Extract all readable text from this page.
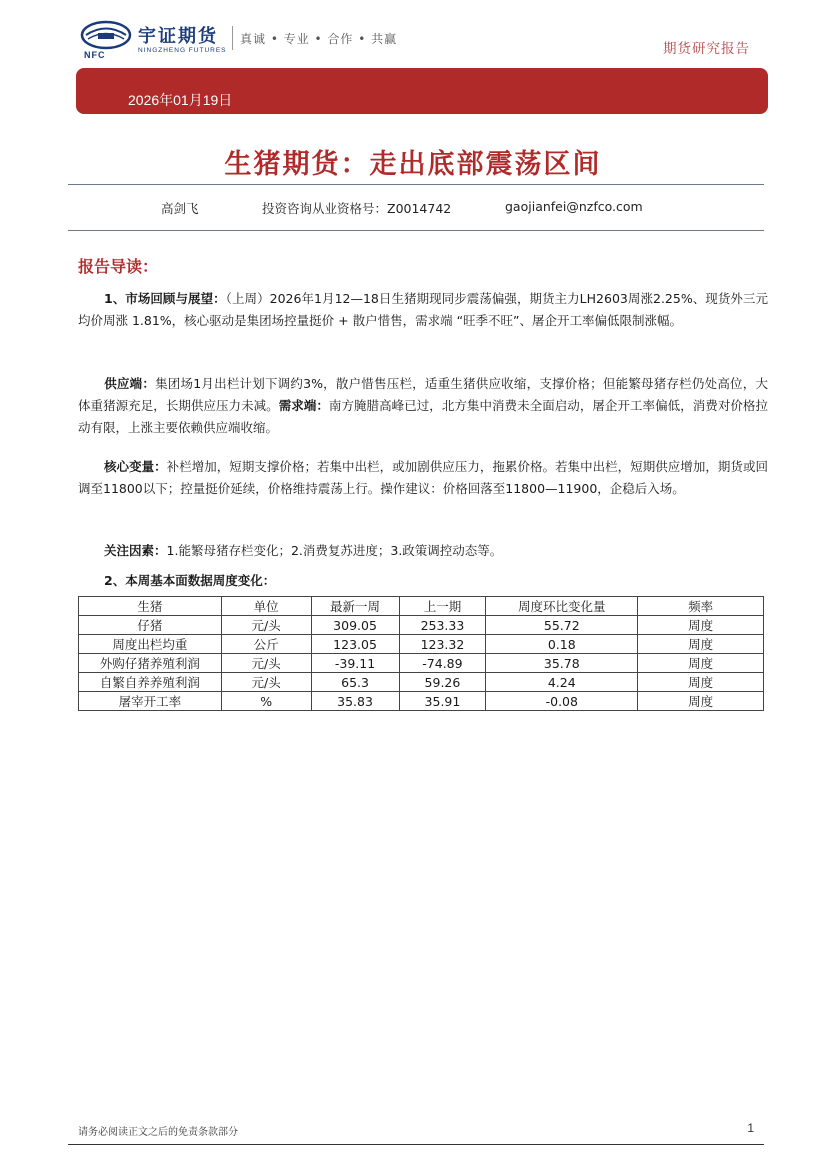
NFC
宇证期货
NINGZHENG FUTURES
真诚 • 专业 • 合作 • 共赢
期货研究报告
2026年01月19日
生猪期货：走出底部震荡区间
高剑飞	投资咨询从业资格号：Z0014742	gaojianfei@nzfco.com
报告导读：
1、市场回顾与展望：（上周）2026年1月12—18日生猪期现同步震荡偏强，期货主力LH2603周涨2.25%、现货外三元均价周涨 1.81%，核心驱动是集团场控量挺价 + 散户惜售，需求端 “旺季不旺”、屠企开工率偏低限制涨幅。
供应端：集团场1月出栏计划下调约3%，散户惜售压栏，适重生猪供应收缩，支撑价格；但能繁母猪存栏仍处高位，大体重猪源充足，长期供应压力未减。需求端：南方腌腊高峰已过，北方集中消费未全面启动，屠企开工率偏低，消费对价格拉动有限，上涨主要依赖供应端收缩。
核心变量：补栏增加，短期支撑价格；若集中出栏，或加剧供应压力，拖累价格。若集中出栏，短期供应增加，期货或回调至11800以下；控量挺价延续，价格维持震荡上行。操作建议：价格回落至11800—11900，企稳后入场。
关注因素：1.能繁母猪存栏变化；2.消费复苏进度；3.政策调控动态等。
2、本周基本面数据周度变化：
生猪	单位	最新一周	上一期	周度环比变化量	频率
仔猪	元/头	309.05	253.33	55.72	周度
周度出栏均重	公斤	123.05	123.32	0.18	周度
外购仔猪养殖利润	元/头	-39.11	-74.89	35.78	周度
自繁自养养殖利润	元/头	65.3	59.26	4.24	周度
屠宰开工率	%	35.83	35.91	-0.08	周度
请务必阅读正文之后的免责条款部分	1
